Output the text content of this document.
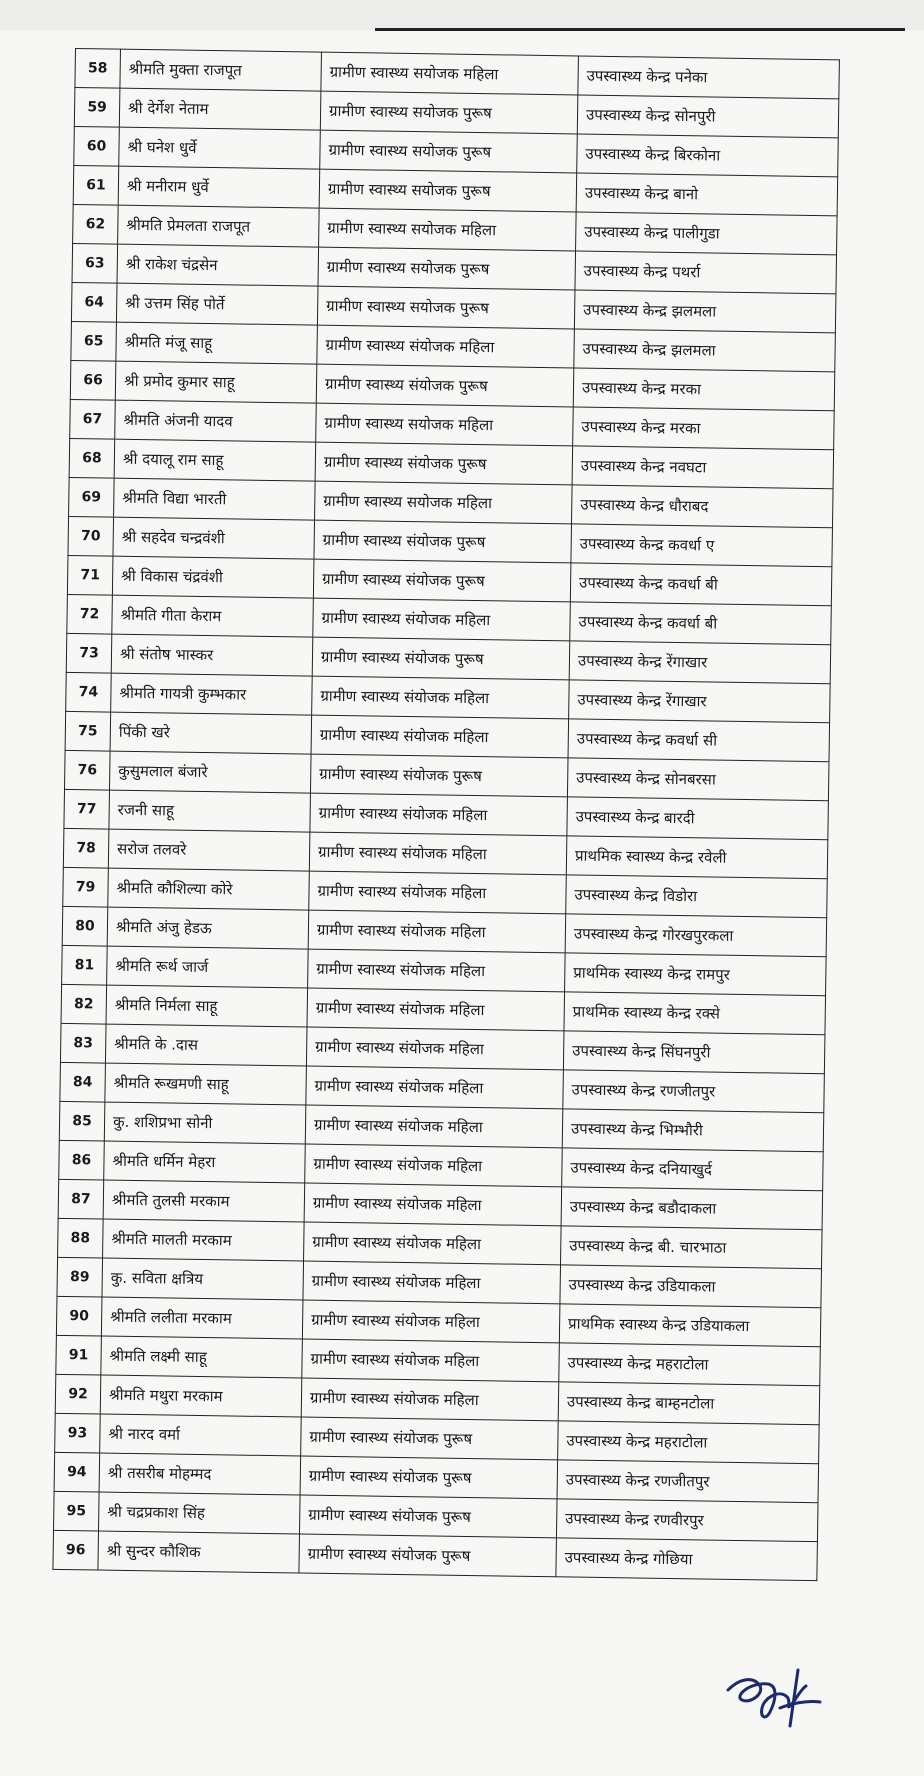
58	श्रीमति मुक्ता राजपूत	ग्रामीण स्वास्थ्य सयोजक महिला	उपस्वास्थ्य केन्द्र पनेका
59	श्री देर्गेश नेताम	ग्रामीण स्वास्थ्य सयोजक पुरूष	उपस्वास्थ्य केन्द्र सोनपुरी
60	श्री घनेश धुर्वे	ग्रामीण स्वास्थ्य सयोजक पुरूष	उपस्वास्थ्य केन्द्र बिरकोना
61	श्री मनीराम धुर्वे	ग्रामीण स्वास्थ्य सयोजक पुरूष	उपस्वास्थ्य केन्द्र बानो
62	श्रीमति प्रेमलता राजपूत	ग्रामीण स्वास्थ्य सयोजक महिला	उपस्वास्थ्य केन्द्र पालीगुडा
63	श्री राकेश चंद्रसेन	ग्रामीण स्वास्थ्य सयोजक पुरूष	उपस्वास्थ्य केन्द्र पथर्रा
64	श्री उत्तम सिंह पोर्ते	ग्रामीण स्वास्थ्य सयोजक पुरूष	उपस्वास्थ्य केन्द्र झलमला
65	श्रीमति मंजू साहू	ग्रामीण स्वास्थ्य संयोजक महिला	उपस्वास्थ्य केन्द्र झलमला
66	श्री प्रमोद कुमार साहू	ग्रामीण स्वास्थ्य संयोजक पुरूष	उपस्वास्थ्य केन्द्र मरका
67	श्रीमति अंजनी यादव	ग्रामीण स्वास्थ्य सयोजक महिला	उपस्वास्थ्य केन्द्र मरका
68	श्री दयालू राम साहू	ग्रामीण स्वास्थ्य संयोजक पुरूष	उपस्वास्थ्य केन्द्र नवघटा
69	श्रीमति विद्या भारती	ग्रामीण स्वास्थ्य सयोजक महिला	उपस्वास्थ्य केन्द्र धौराबद
70	श्री सहदेव चन्द्रवंशी	ग्रामीण स्वास्थ्य संयोजक पुरूष	उपस्वास्थ्य केन्द्र कवर्धा ए
71	श्री विकास चंद्रवंशी	ग्रामीण स्वास्थ्य संयोजक पुरूष	उपस्वास्थ्य केन्द्र कवर्धा बी
72	श्रीमति गीता केराम	ग्रामीण स्वास्थ्य संयोजक महिला	उपस्वास्थ्य केन्द्र कवर्धा बी
73	श्री संतोष भास्कर	ग्रामीण स्वास्थ्य संयोजक पुरूष	उपस्वास्थ्य केन्द्र रेंगाखार
74	श्रीमति गायत्री कुम्भकार	ग्रामीण स्वास्थ्य संयोजक महिला	उपस्वास्थ्य केन्द्र रेंगाखार
75	पिंकी खरे	ग्रामीण स्वास्थ्य संयोजक महिला	उपस्वास्थ्य केन्द्र कवर्धा सी
76	कुसुमलाल बंजारे	ग्रामीण स्वास्थ्य संयोजक पुरूष	उपस्वास्थ्य केन्द्र सोनबरसा
77	रजनी साहू	ग्रामीण स्वास्थ्य संयोजक महिला	उपस्वास्थ्य केन्द्र बारदी
78	सरोज तलवरे	ग्रामीण स्वास्थ्य संयोजक महिला	प्राथमिक स्वास्थ्य केन्द्र रवेली
79	श्रीमति कौशिल्या कोरे	ग्रामीण स्वास्थ्य संयोजक महिला	उपस्वास्थ्य केन्द्र विडोरा
80	श्रीमति अंजु हेडऊ	ग्रामीण स्वास्थ्य संयोजक महिला	उपस्वास्थ्य केन्द्र गोरखपुरकला
81	श्रीमति रूर्थ जार्ज	ग्रामीण स्वास्थ्य संयोजक महिला	प्राथमिक स्वास्थ्य केन्द्र रामपुर
82	श्रीमति निर्मला साहू	ग्रामीण स्वास्थ्य संयोजक महिला	प्राथमिक स्वास्थ्य केन्द्र रक्से
83	श्रीमति के .दास	ग्रामीण स्वास्थ्य संयोजक महिला	उपस्वास्थ्य केन्द्र सिंघनपुरी
84	श्रीमति रूखमणी साहू	ग्रामीण स्वास्थ्य संयोजक महिला	उपस्वास्थ्य केन्द्र रणजीतपुर
85	कु. शशिप्रभा सोनी	ग्रामीण स्वास्थ्य संयोजक महिला	उपस्वास्थ्य केन्द्र भिम्भौरी
86	श्रीमति धर्मिन मेहरा	ग्रामीण स्वास्थ्य संयोजक महिला	उपस्वास्थ्य केन्द्र दनियाखुर्द
87	श्रीमति तुलसी मरकाम	ग्रामीण स्वास्थ्य संयोजक महिला	उपस्वास्थ्य केन्द्र बडौदाकला
88	श्रीमति मालती मरकाम	ग्रामीण स्वास्थ्य संयोजक महिला	उपस्वास्थ्य केन्द्र बी. चारभाठा
89	कु. सविता क्षत्रिय	ग्रामीण स्वास्थ्य संयोजक महिला	उपस्वास्थ्य केन्द्र उडियाकला
90	श्रीमति ललीता मरकाम	ग्रामीण स्वास्थ्य संयोजक महिला	प्राथमिक स्वास्थ्य केन्द्र उडियाकला
91	श्रीमति लक्ष्मी साहू	ग्रामीण स्वास्थ्य संयोजक महिला	उपस्वास्थ्य केन्द्र महराटोला
92	श्रीमति मथुरा मरकाम	ग्रामीण स्वास्थ्य संयोजक महिला	उपस्वास्थ्य केन्द्र बाम्हनटोला
93	श्री नारद वर्मा	ग्रामीण स्वास्थ्य संयोजक पुरूष	उपस्वास्थ्य केन्द्र महराटोला
94	श्री तसरीब मोहम्मद	ग्रामीण स्वास्थ्य संयोजक पुरूष	उपस्वास्थ्य केन्द्र रणजीतपुर
95	श्री चद्रप्रकाश सिंह	ग्रामीण स्वास्थ्य संयोजक पुरूष	उपस्वास्थ्य केन्द्र रणवीरपुर
96	श्री सुन्दर कौशिक	ग्रामीण स्वास्थ्य संयोजक पुरूष	उपस्वास्थ्य केन्द्र गोछिया
